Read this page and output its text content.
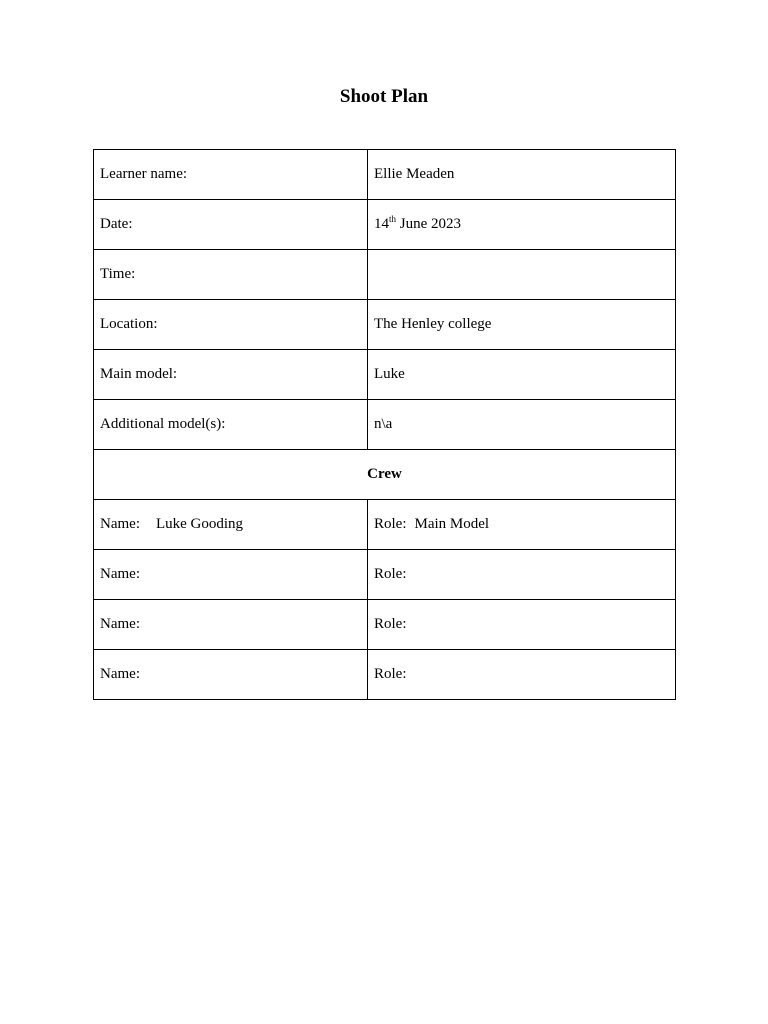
Shoot Plan
Learner name:	Ellie Meaden
Date:	14th June 2023
Time:	
Location:	The Henley college
Main model:	Luke
Additional model(s):	n\a
Crew	
Name: Luke Gooding	Role: Main Model
Name:	Role:
Name:	Role:
Name:	Role:
